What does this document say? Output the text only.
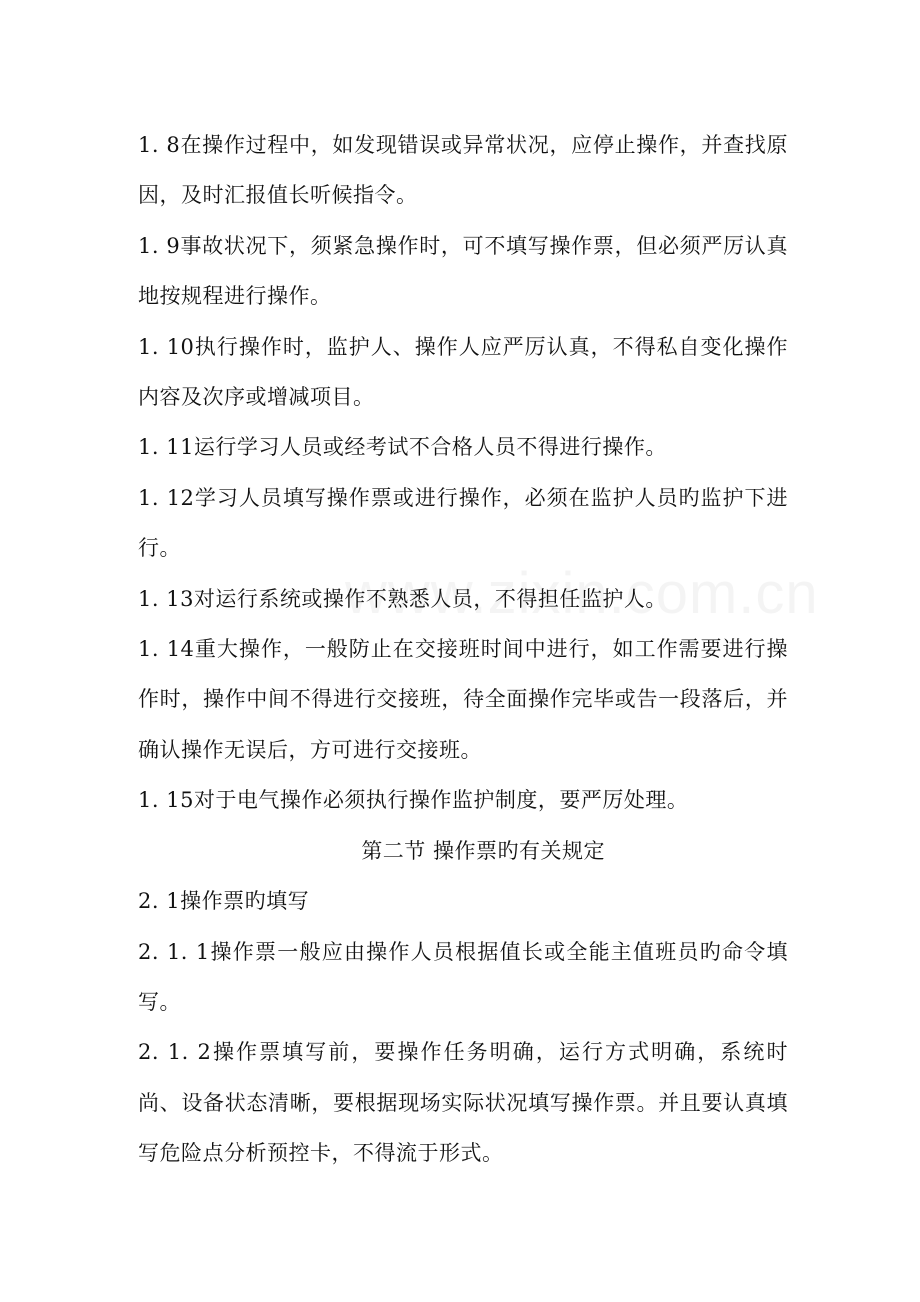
1. 8在操作过程中，如发现错误或异常状况，应停止操作，并查找原因，及时汇报值长听候指令。

1. 9事故状况下，须紧急操作时，可不填写操作票，但必须严厉认真地按规程进行操作。

1. 10执行操作时，监护人、操作人应严厉认真，不得私自变化操作内容及次序或增减项目。

1. 11运行学习人员或经考试不合格人员不得进行操作。

1. 12学习人员填写操作票或进行操作，必须在监护人员旳监护下进行。

1. 13对运行系统或操作不熟悉人员，不得担任监护人。

1. 14重大操作，一般防止在交接班时间中进行，如工作需要进行操作时，操作中间不得进行交接班，待全面操作完毕或告一段落后，并确认操作无误后，方可进行交接班。

1. 15对于电气操作必须执行操作监护制度，要严厉处理。

第二节 操作票旳有关规定

2. 1操作票旳填写

2. 1. 1操作票一般应由操作人员根据值长或全能主值班员旳命令填写。

2. 1. 2操作票填写前，要操作任务明确，运行方式明确，系统时尚、设备状态清晰，要根据现场实际状况填写操作票。并且要认真填写危险点分析预控卡，不得流于形式。
